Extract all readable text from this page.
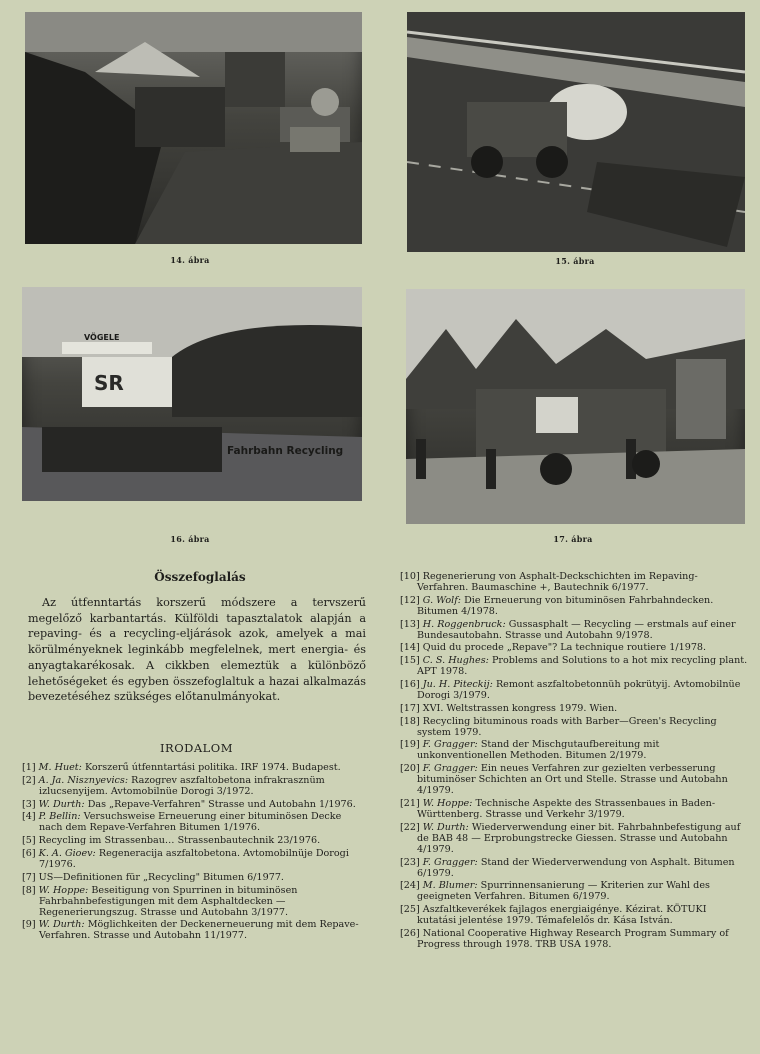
14. ábra	15. ábra
VÖGELE
SR
Fahrbahn Recycling
16. ábra	17. ábra
Összefoglalás

Az útfenntartás korszerű módszere a tervszerű megelőző karbantartás. Külföldi tapasztalatok alapján a repaving- és a recycling-eljárások azok, amelyek a mai körülményeknek leginkább megfelelnek, mert energia- és anyagtakarékosak. A cikkben elemeztük a különböző lehetőségeket és egyben összefoglaltuk a hazai alkalmazás bevezetéséhez szükséges előtanulmányokat.

IRODALOM
[1] M. Huet: Korszerű útfenntartási politika. IRF 1974. Budapest.
[2] A. Ja. Nisznyevics: Razogrev aszfaltobetona infrakrasznüm izlucsenyijem. Avtomobilnüe Dorogi 3/1972.
[3] W. Durth: Das „Repave-Verfahren" Strasse und Autobahn 1/1976.
[4] P. Bellin: Versuchsweise Erneuerung einer bituminösen Decke nach dem Repave-Verfahren Bitumen 1/1976.
[5] Recycling im Strassenbau… Strassenbautechnik 23/1976.
[6] K. A. Gioev: Regeneracija aszfaltobetona. Avtomobilnüje Dorogi 7/1976.
[7] US—Definitionen für „Recycling" Bitumen 6/1977.
[8] W. Hoppe: Beseitigung von Spurrinen in bituminösen Fahrbahnbefestigungen mit dem Asphaltdecken — Regenerierungszug. Strasse und Autobahn 3/1977.
[9] W. Durth: Möglichkeiten der Deckenerneuerung mit dem Repave-Verfahren. Strasse und Autobahn 11/1977.
[10] Regenerierung von Asphalt-Deckschichten im Repaving-Verfahren. Baumaschine +, Bautechnik 6/1977.
[12] G. Wolf: Die Erneuerung von bituminösen Fahrbahndecken. Bitumen 4/1978.
[13] H. Roggenbruck: Gussasphalt — Recycling — erstmals auf einer Bundesautobahn. Strasse und Autobahn 9/1978.
[14] Quid du procede „Repave"? La technique routiere 1/1978.
[15] C. S. Hughes: Problems and Solutions to a hot mix recycling plant. APT 1978.
[16] Ju. H. Piteckij: Remont aszfaltobetonnüh pokrütyij. Avtomobilnüe Dorogi 3/1979.
[17] XVI. Weltstrassen kongress 1979. Wien.
[18] Recycling bituminous roads with Barber—Green's Recycling system 1979.
[19] F. Gragger: Stand der Mischgutaufbereitung mit unkonventionellen Methoden. Bitumen 2/1979.
[20] F. Gragger: Ein neues Verfahren zur gezielten verbesserung bituminöser Schichten an Ort und Stelle. Strasse und Autobahn 4/1979.
[21] W. Hoppe: Technische Aspekte des Strassenbaues in Baden-Württenberg. Strasse und Verkehr 3/1979.
[22] W. Durth: Wiederverwendung einer bit. Fahrbahnbefestigung auf de BAB 48 — Erprobungstrecke Giessen. Strasse und Autobahn 4/1979.
[23] F. Gragger: Stand der Wiederverwendung von Asphalt. Bitumen 6/1979.
[24] M. Blumer: Spurrinnensanierung — Kriterien zur Wahl des geeigneten Verfahren. Bitumen 6/1979.
[25] Aszfaltkeverékek fajlagos energiaigénye. Kézirat. KÖTUKI kutatási jelentése 1979. Témafelelős dr. Kása István.
[26] National Cooperative Highway Research Program Summary of Progress through 1978. TRB USA 1978.
